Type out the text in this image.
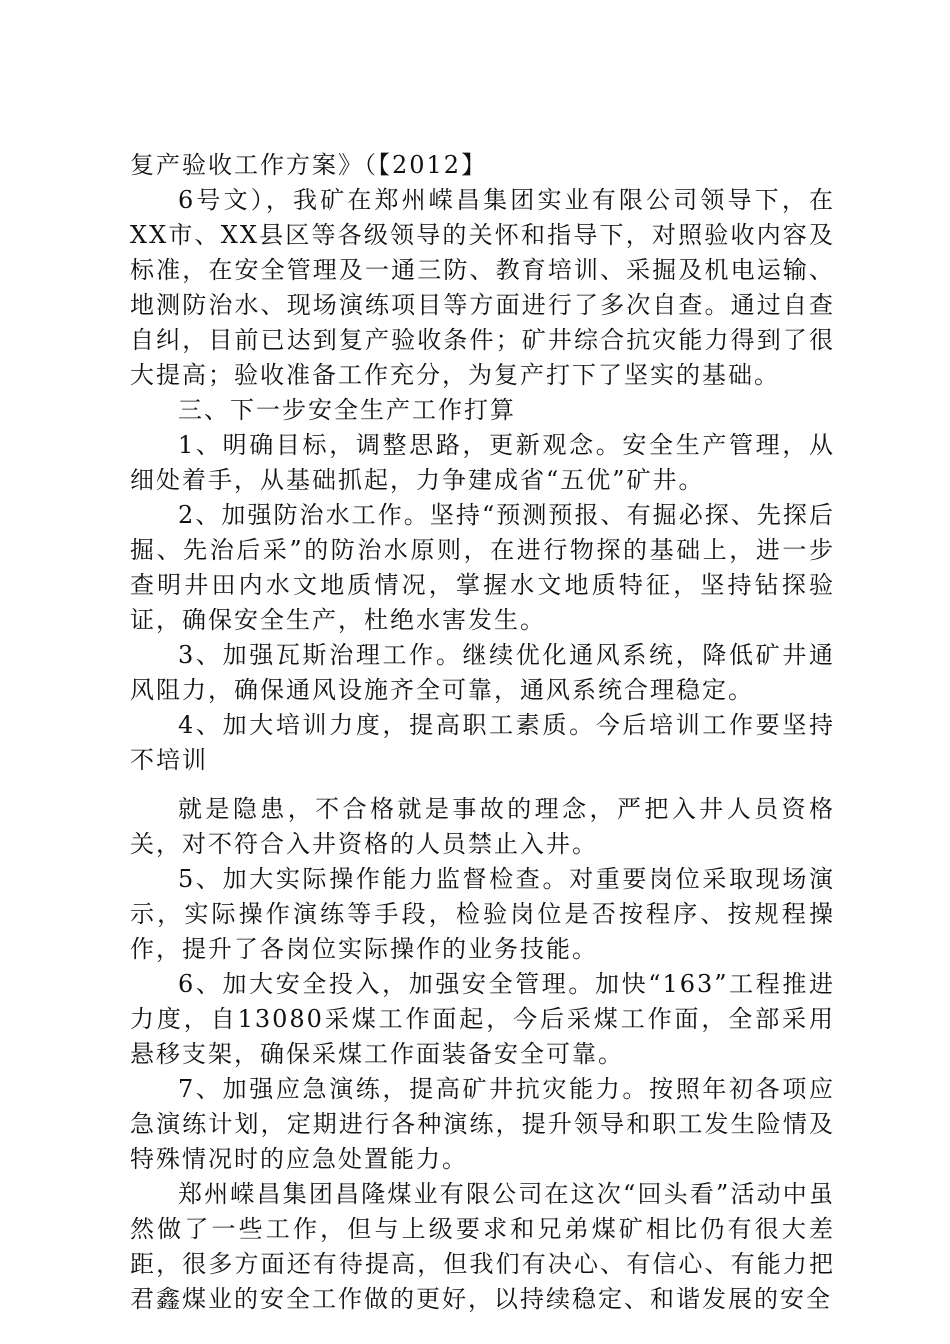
复产验收工作方案》（【2012】

6号文），我矿在郑州嵘昌集团实业有限公司领导下，在XX市、XX县区等各级领导的关怀和指导下，对照验收内容及标准，在安全管理及一通三防、教育培训、采掘及机电运输、地测防治水、现场演练项目等方面进行了多次自查。通过自查自纠，目前已达到复产验收条件；矿井综合抗灾能力得到了很大提高；验收准备工作充分，为复产打下了坚实的基础。

三、下一步安全生产工作打算

1、明确目标，调整思路，更新观念。安全生产管理，从细处着手，从基础抓起，力争建成省“五优”矿井。

2、加强防治水工作。坚持“预测预报、有掘必探、先探后掘、先治后采”的防治水原则，在进行物探的基础上，进一步查明井田内水文地质情况，掌握水文地质特征，坚持钻探验证，确保安全生产，杜绝水害发生。

3、加强瓦斯治理工作。继续优化通风系统，降低矿井通风阻力，确保通风设施齐全可靠，通风系统合理稳定。

4、加大培训力度，提高职工素质。今后培训工作要坚持不培训

就是隐患，不合格就是事故的理念，严把入井人员资格关，对不符合入井资格的人员禁止入井。

5、加大实际操作能力监督检查。对重要岗位采取现场演示，实际操作演练等手段，检验岗位是否按程序、按规程操作，提升了各岗位实际操作的业务技能。

6、加大安全投入，加强安全管理。加快“163”工程推进力度，自13080采煤工作面起，今后采煤工作面，全部采用悬移支架，确保采煤工作面装备安全可靠。

7、加强应急演练，提高矿井抗灾能力。按照年初各项应急演练计划，定期进行各种演练，提升领导和职工发生险情及特殊情况时的应急处置能力。

郑州嵘昌集团昌隆煤业有限公司在这次“回头看”活动中虽然做了一些工作，但与上级要求和兄弟煤矿相比仍有很大差距，很多方面还有待提高，但我们有决心、有信心、有能力把君鑫煤业的安全工作做的更好，以持续稳定、和谐发展的安全
